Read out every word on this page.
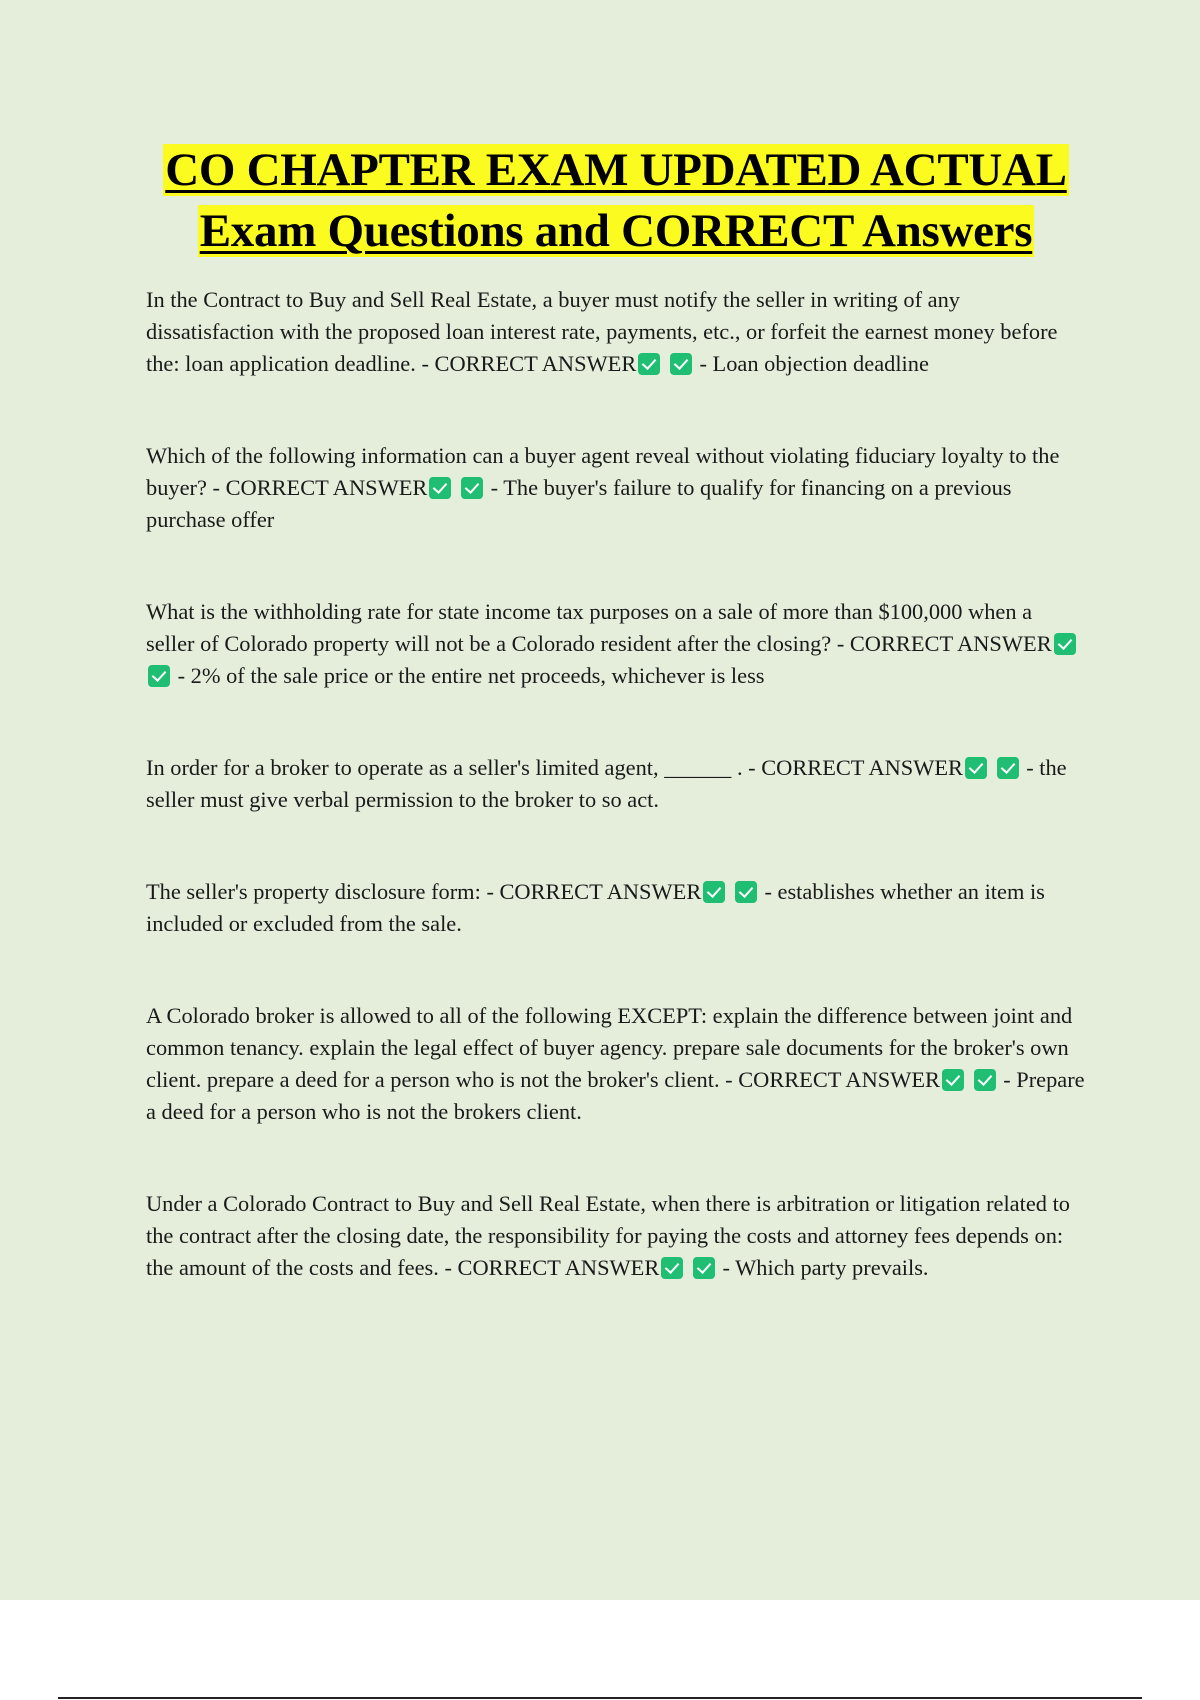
CO CHAPTER EXAM UPDATED ACTUAL
Exam Questions and CORRECT Answers

In the Contract to Buy and Sell Real Estate, a buyer must notify the seller in writing of any dissatisfaction with the proposed loan interest rate, payments, etc., or forfeit the earnest money before the: loan application deadline. - CORRECT ANSWER	- Loan objection deadline

Which of the following information can a buyer agent reveal without violating fiduciary loyalty to the buyer? - CORRECT ANSWER	- The buyer's failure to qualify for financing on a previous purchase offer

What is the withholding rate for state income tax purposes on a sale of more than $100,000 when a seller of Colorado property will not be a Colorado resident after the closing? - CORRECT ANSWER  - 2% of the sale price or the entire net proceeds, whichever is less

In order for a broker to operate as a seller's limited agent, ______ . - CORRECT ANSWER	- the seller must give verbal permission to the broker to so act.

The seller's property disclosure form: - CORRECT ANSWER	- establishes whether an item is included or excluded from the sale.

A Colorado broker is allowed to all of the following EXCEPT: explain the difference between joint and common tenancy. explain the legal effect of buyer agency. prepare sale documents for the broker's own client. prepare a deed for a person who is not the broker's client. - CORRECT ANSWER	- Prepare a deed for a person who is not the brokers client.

Under a Colorado Contract to Buy and Sell Real Estate, when there is arbitration or litigation related to the contract after the closing date, the responsibility for paying the costs and attorney fees depends on: the amount of the costs and fees. - CORRECT ANSWER	- Which party prevails.
